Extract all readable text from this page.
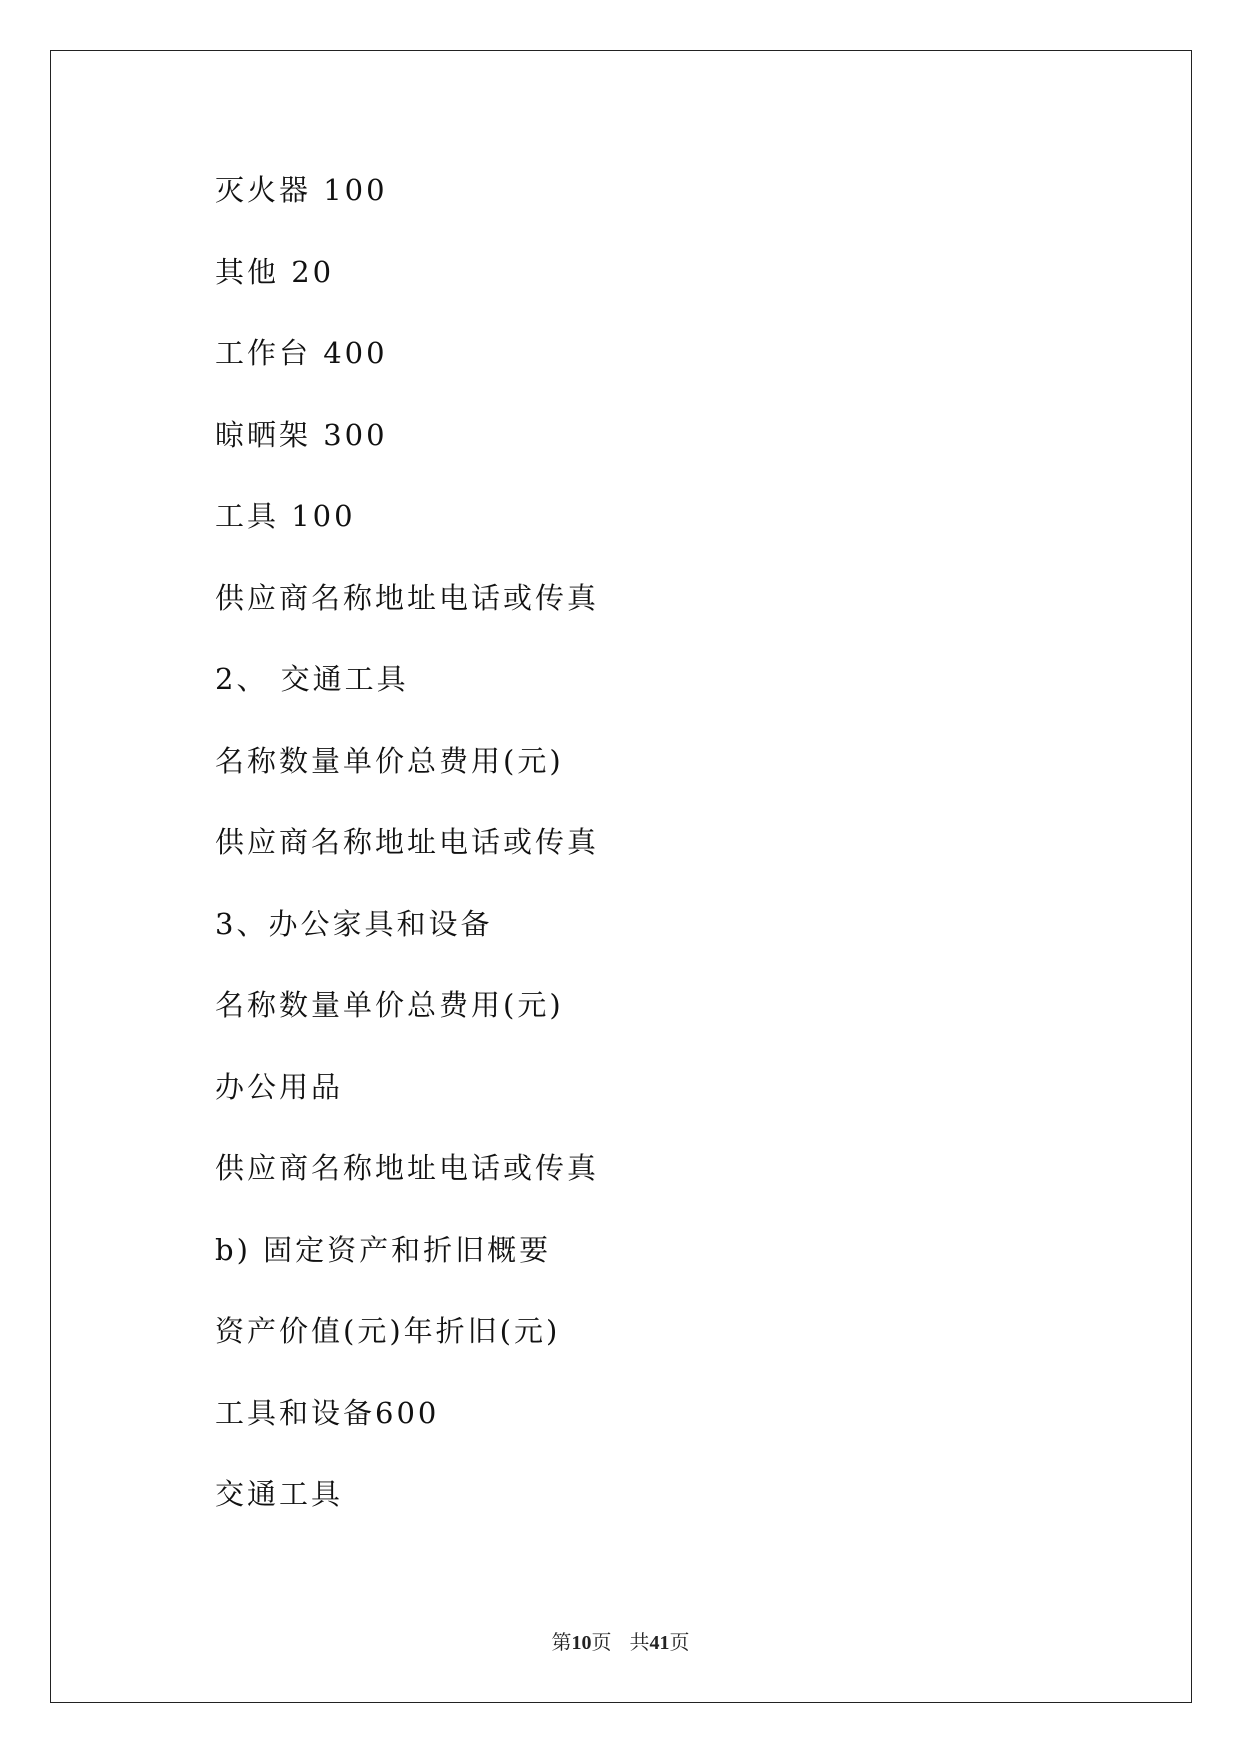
灭火器 100
其他 20
工作台 400
晾晒架 300
工具 100
供应商名称地址电话或传真
2、 交通工具
名称数量单价总费用(元)
供应商名称地址电话或传真
3、办公家具和设备
名称数量单价总费用(元)
办公用品
供应商名称地址电话或传真
b) 固定资产和折旧概要
资产价值(元)年折旧(元)
工具和设备600
交通工具
第10页 共41页
